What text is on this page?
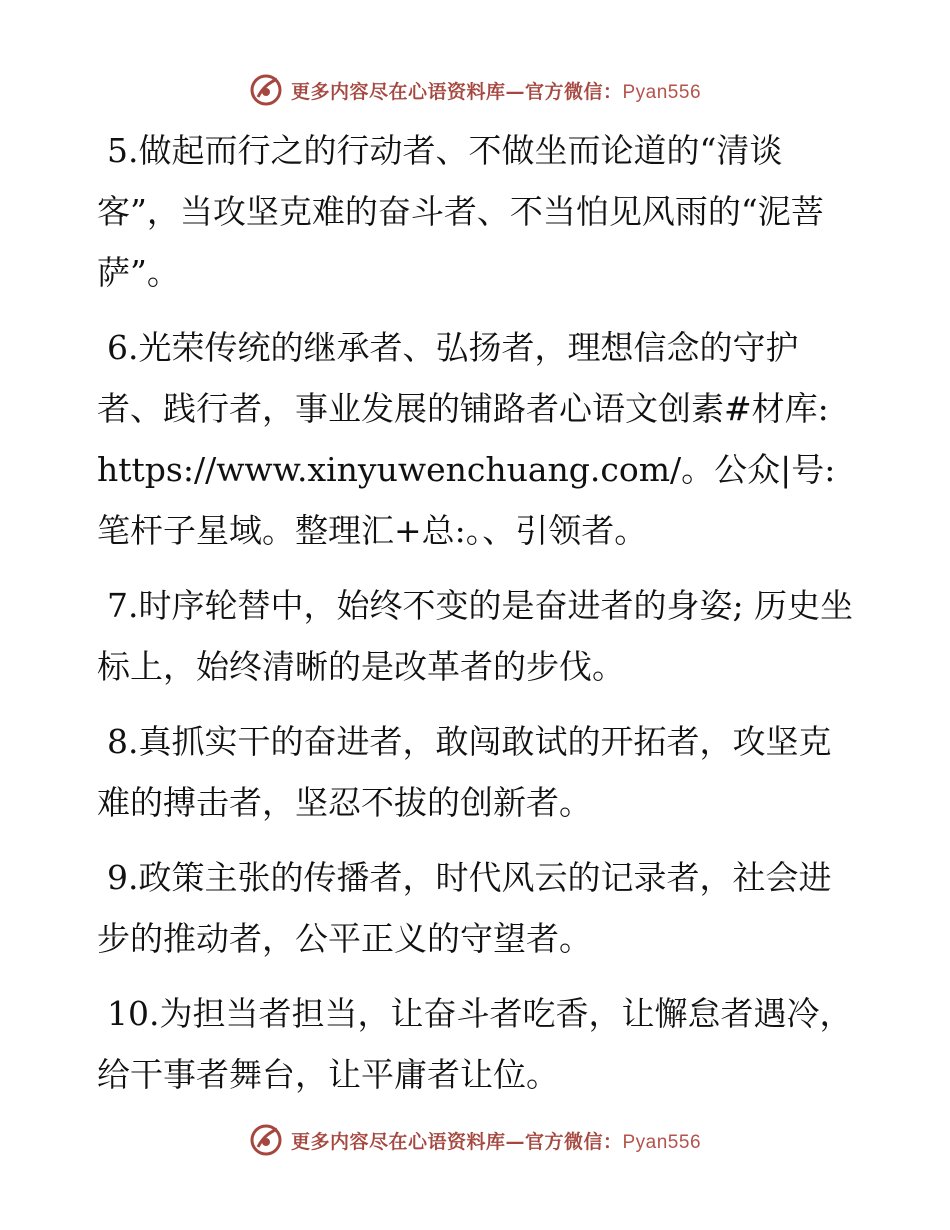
更多内容尽在心语资料库—官方微信：Pyan556

5.做起而行之的行动者、不做坐而论道的“清谈客”，当攻坚克难的奋斗者、不当怕见风雨的“泥菩萨”。

6.光荣传统的继承者、弘扬者，理想信念的守护者、践行者，事业发展的铺路者心语文创素#材库: https://www.xinyuwenchuang.com/。公众|号: 笔杆子星域。整理汇+总:。、引领者。

7.时序轮替中，始终不变的是奋进者的身姿; 历史坐标上，始终清晰的是改革者的步伐。

8.真抓实干的奋进者，敢闯敢试的开拓者，攻坚克难的搏击者，坚忍不拔的创新者。

9.政策主张的传播者，时代风云的记录者，社会进步的推动者，公平正义的守望者。

10.为担当者担当，让奋斗者吃香，让懈怠者遇冷，给干事者舞台，让平庸者让位。

更多内容尽在心语资料库—官方微信：Pyan556
